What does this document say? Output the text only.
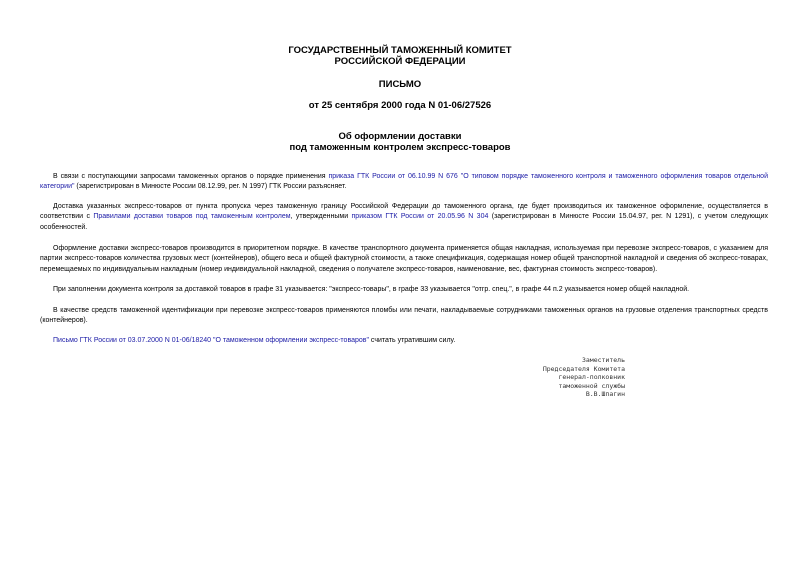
ГОСУДАРСТВЕННЫЙ ТАМОЖЕННЫЙ КОМИТЕТ
РОССИЙСКОЙ ФЕДЕРАЦИИ
ПИСЬМО
от 25 сентября 2000 года N 01-06/27526
Об оформлении доставки
под таможенным контролем экспресс-товаров

В связи с поступающими запросами таможенных органов о порядке применения приказа ГТК России от 06.10.99 N 676 "О типовом порядке таможенного контроля и таможенного оформления товаров отдельной категории" (зарегистрирован в Минюсте России 08.12.99, рег. N 1997) ГТК России разъясняет.

Доставка указанных экспресс-товаров от пункта пропуска через таможенную границу Российской Федерации до таможенного органа, где будет производиться их таможенное оформление, осуществляется в соответствии с Правилами доставки товаров под таможенным контролем, утвержденными приказом ГТК России от 20.05.96 N 304 (зарегистрирован в Минюсте России 15.04.97, рег. N 1291), с учетом следующих особенностей.

Оформление доставки экспресс-товаров производится в приоритетном порядке. В качестве транспортного документа применяется общая накладная, используемая при перевозке экспресс-товаров, с указанием для партии экспресс-товаров количества грузовых мест (контейнеров), общего веса и общей фактурной стоимости, а также спецификация, содержащая номер общей транспортной накладной и сведения об экспресс-товарах, перемещаемых по индивидуальным накладным (номер индивидуальной накладной, сведения о получателе экспресс-товаров, наименование, вес, фактурная стоимость экспресс-товаров).

При заполнении документа контроля за доставкой товаров в графе 31 указывается: "экспресс-товары", в графе 33 указывается "отгр. спец.", в графе 44 п.2 указывается номер общей накладной.

В качестве средств таможенной идентификации при перевозке экспресс-товаров применяются пломбы или печати, накладываемые сотрудниками таможенных органов на грузовые отделения транспортных средств (контейнеров).

Письмо ГТК России от 03.07.2000 N 01-06/18240 "О таможенном оформлении экспресс-товаров" считать утратившим силу.

Заместитель
Председателя Комитета
генерал-полковник
таможенной службы
В.В.Шпагин
